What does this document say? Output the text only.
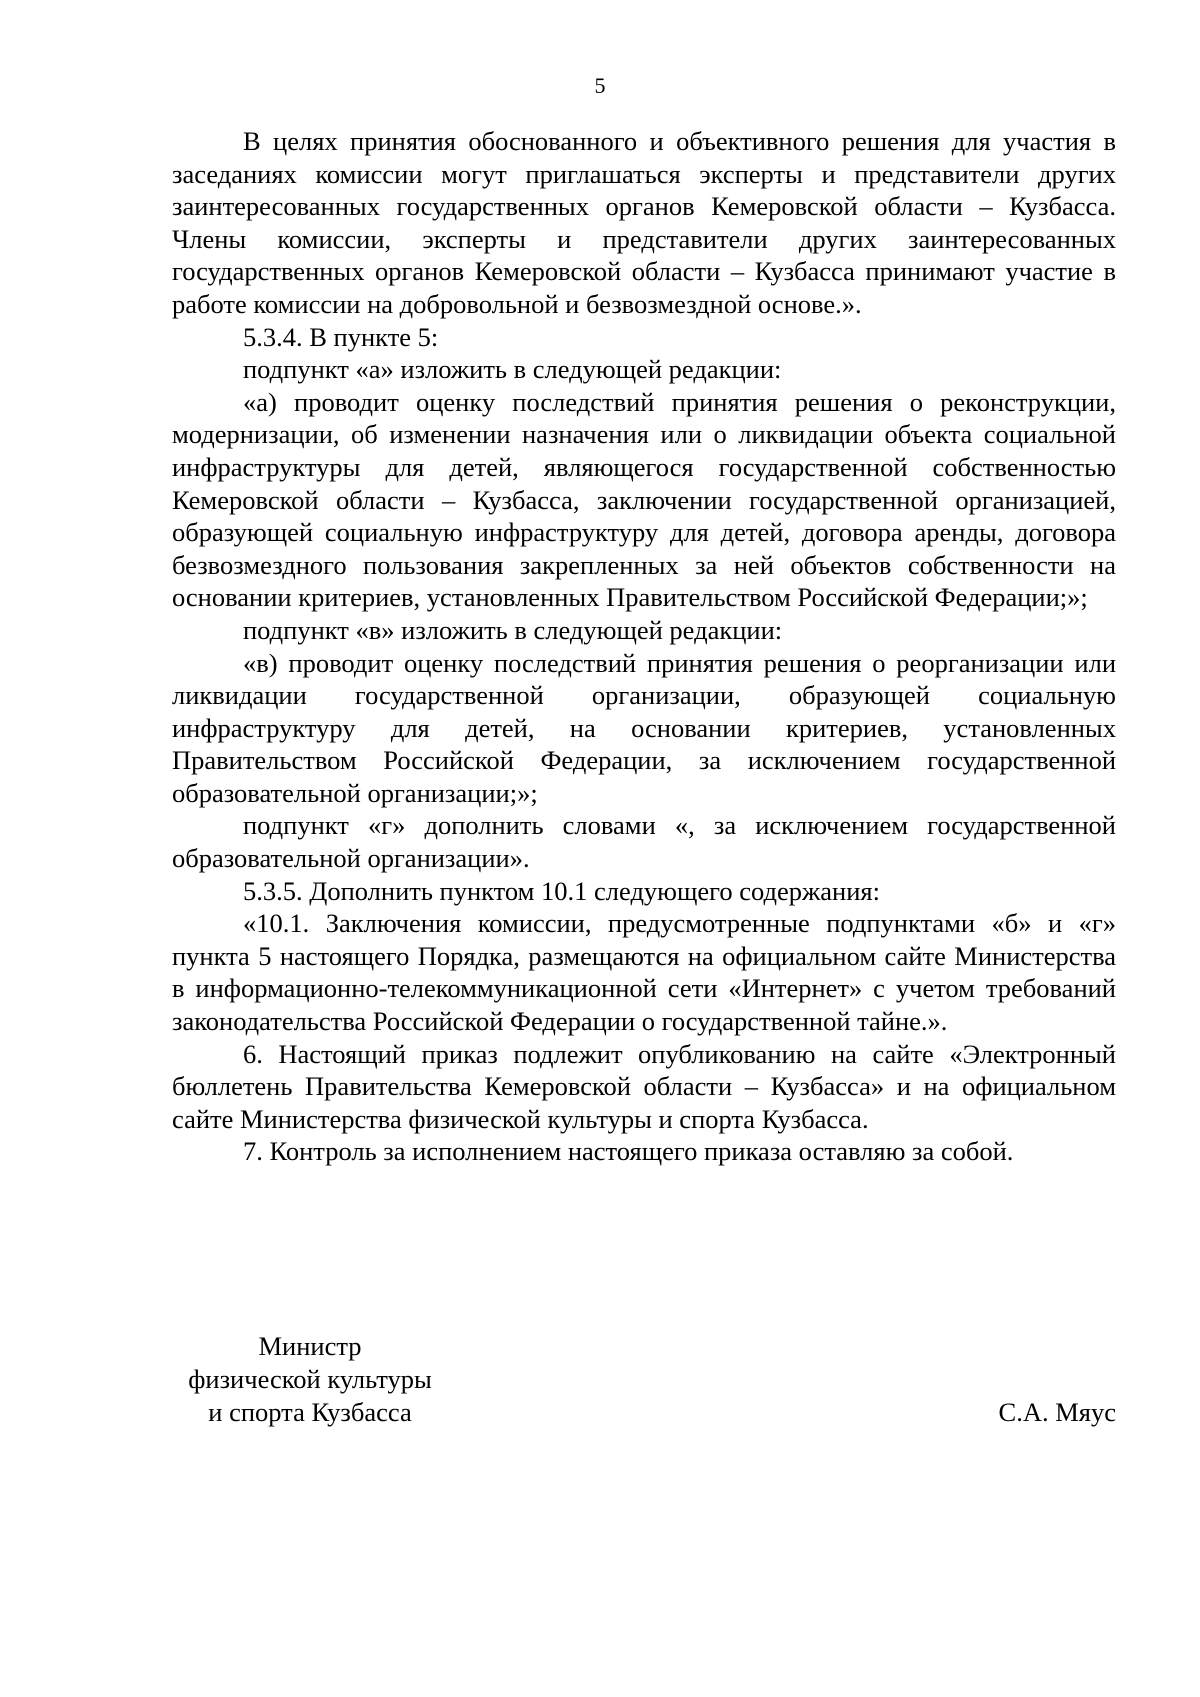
5

В целях принятия обоснованного и объективного решения для участия в заседаниях комиссии могут приглашаться эксперты и представители других заинтересованных государственных органов Кемеровской области – Кузбасса. Члены комиссии, эксперты и представители других заинтересованных государственных органов Кемеровской области – Кузбасса принимают участие в работе комиссии на добровольной и безвозмездной основе.».

5.3.4. В пункте 5:

подпункт «а» изложить в следующей редакции:

«а) проводит оценку последствий принятия решения о реконструкции, модернизации, об изменении назначения или о ликвидации объекта социальной инфраструктуры для детей, являющегося государственной собственностью Кемеровской области – Кузбасса, заключении государственной организацией, образующей социальную инфраструктуру для детей, договора аренды, договора безвозмездного пользования закрепленных за ней объектов собственности на основании критериев, установленных Правительством Российской Федерации;»;

подпункт «в» изложить в следующей редакции:

«в) проводит оценку последствий принятия решения о реорганизации или ликвидации государственной организации, образующей социальную инфраструктуру для детей, на основании критериев, установленных Правительством Российской Федерации, за исключением государственной образовательной организации;»;

подпункт «г» дополнить словами «, за исключением государственной образовательной организации».

5.3.5. Дополнить пунктом 10.1 следующего содержания:

«10.1. Заключения комиссии, предусмотренные подпунктами «б» и «г» пункта 5 настоящего Порядка, размещаются на официальном сайте Министерства в информационно-телекоммуникационной сети «Интернет» с учетом требований законодательства Российской Федерации о государственной тайне.».

6. Настоящий приказ подлежит опубликованию на сайте «Электронный бюллетень Правительства Кемеровской области – Кузбасса» и на официальном сайте Министерства физической культуры и спорта Кузбасса.

7. Контроль за исполнением настоящего приказа оставляю за собой.

Министр
физической культуры
и спорта Кузбасса	С.А. Мяус
